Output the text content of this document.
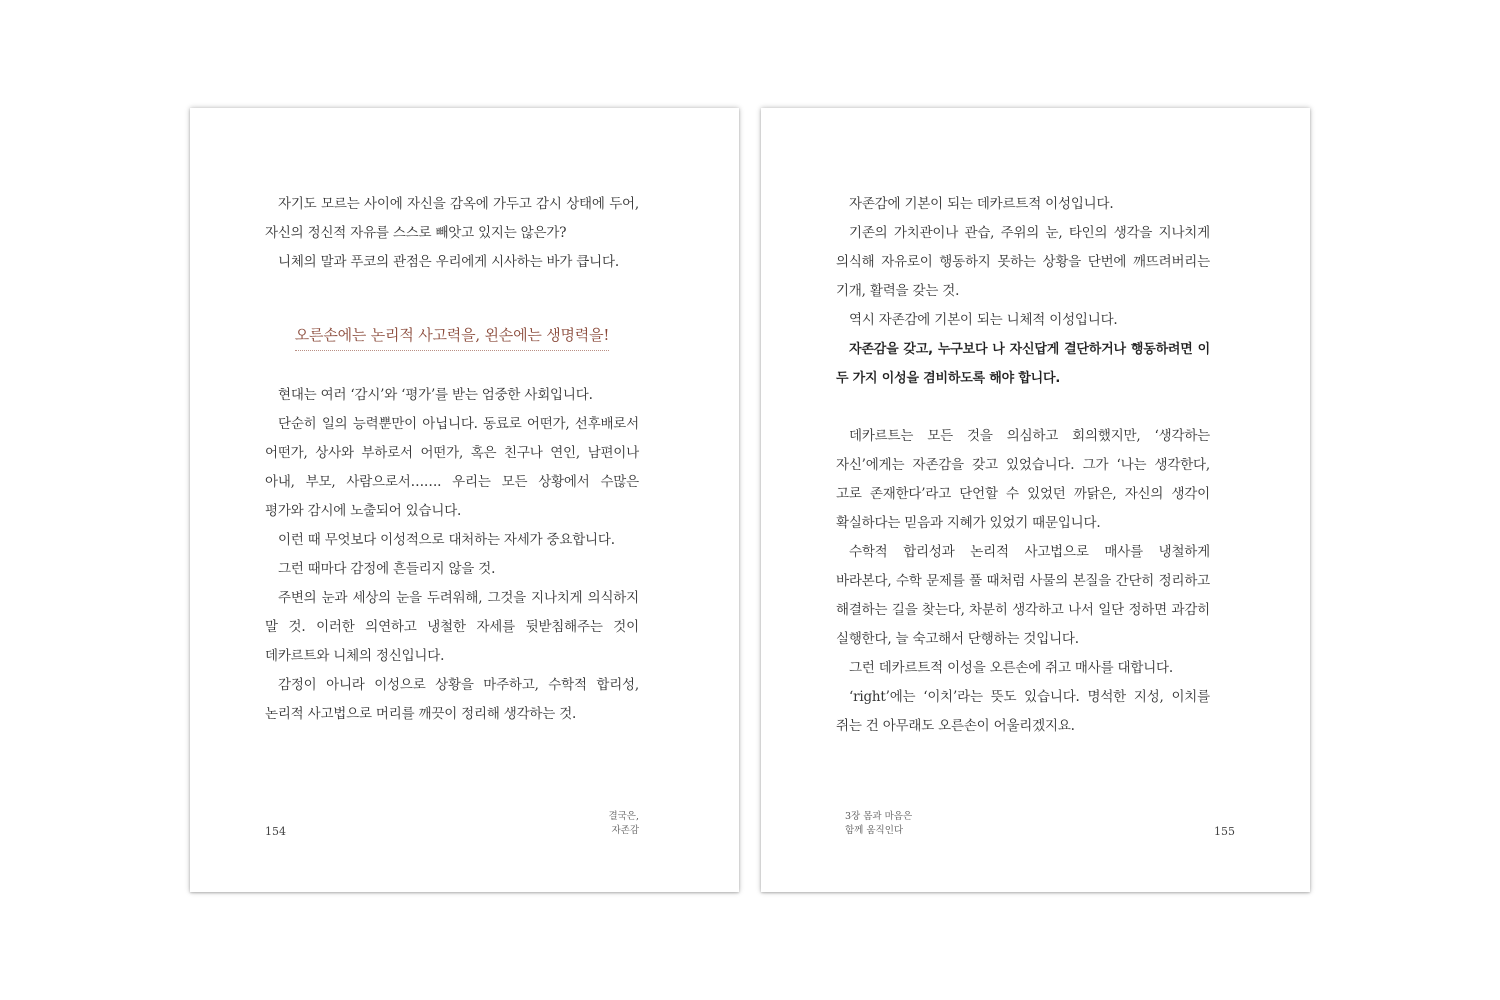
자기도 모르는 사이에 자신을 감옥에 가두고 감시 상태에 두어, 자신의 정신적 자유를 스스로 빼앗고 있지는 않은가?

니체의 말과 푸코의 관점은 우리에게 시사하는 바가 큽니다.

오른손에는 논리적 사고력을, 왼손에는 생명력을!

현대는 여러 ‘감시’와 ‘평가’를 받는 엄중한 사회입니다.

단순히 일의 능력뿐만이 아닙니다. 동료로 어떤가, 선후배로서 어떤가, 상사와 부하로서 어떤가, 혹은 친구나 연인, 남편이나 아내, 부모, 사람으로서……. 우리는 모든 상황에서 수많은 평가와 감시에 노출되어 있습니다.

이런 때 무엇보다 이성적으로 대처하는 자세가 중요합니다.

그런 때마다 감정에 흔들리지 않을 것.

주변의 눈과 세상의 눈을 두려워해, 그것을 지나치게 의식하지 말 것. 이러한 의연하고 냉철한 자세를 뒷받침해주는 것이 데카르트와 니체의 정신입니다.

감정이 아니라 이성으로 상황을 마주하고, 수학적 합리성, 논리적 사고법으로 머리를 깨끗이 정리해 생각하는 것.

154
결국은,
자존감

자존감에 기본이 되는 데카르트적 이성입니다.

기존의 가치관이나 관습, 주위의 눈, 타인의 생각을 지나치게 의식해 자유로이 행동하지 못하는 상황을 단번에 깨뜨려버리는 기개, 활력을 갖는 것.

역시 자존감에 기본이 되는 니체적 이성입니다.

자존감을 갖고, 누구보다 나 자신답게 결단하거나 행동하려면 이 두 가지 이성을 겸비하도록 해야 합니다.

데카르트는 모든 것을 의심하고 회의했지만, ‘생각하는 자신’에게는 자존감을 갖고 있었습니다. 그가 ‘나는 생각한다, 고로 존재한다’라고 단언할 수 있었던 까닭은, 자신의 생각이 확실하다는 믿음과 지혜가 있었기 때문입니다.

수학적 합리성과 논리적 사고법으로 매사를 냉철하게 바라본다, 수학 문제를 풀 때처럼 사물의 본질을 간단히 정리하고 해결하는 길을 찾는다, 차분히 생각하고 나서 일단 정하면 과감히 실행한다, 늘 숙고해서 단행하는 것입니다.

그런 데카르트적 이성을 오른손에 쥐고 매사를 대합니다.

‘right’에는 ‘이치’라는 뜻도 있습니다. 명석한 지성, 이치를 쥐는 건 아무래도 오른손이 어울리겠지요.

3장 몸과 마음은
함께 움직인다	155
